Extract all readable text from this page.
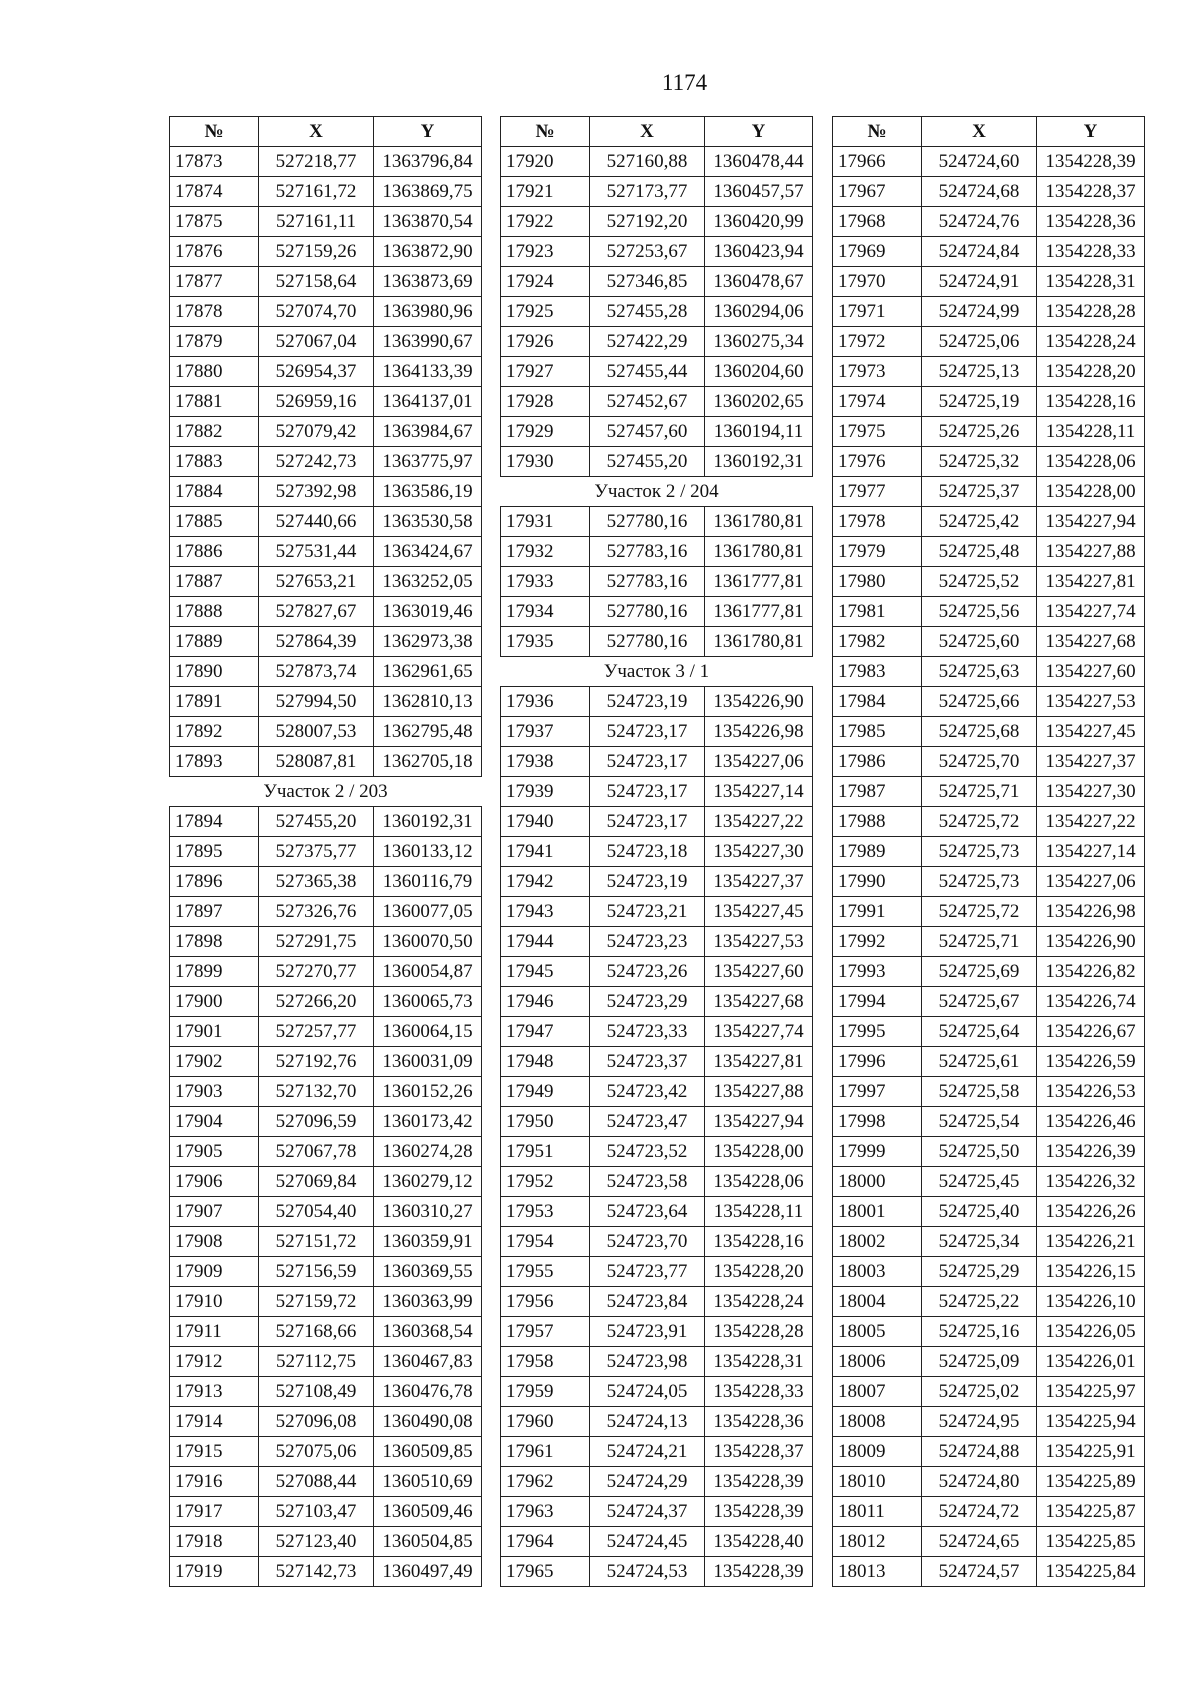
1174
№	X	Y
17873	527218,77	1363796,84
17874	527161,72	1363869,75
17875	527161,11	1363870,54
17876	527159,26	1363872,90
17877	527158,64	1363873,69
17878	527074,70	1363980,96
17879	527067,04	1363990,67
17880	526954,37	1364133,39
17881	526959,16	1364137,01
17882	527079,42	1363984,67
17883	527242,73	1363775,97
17884	527392,98	1363586,19
17885	527440,66	1363530,58
17886	527531,44	1363424,67
17887	527653,21	1363252,05
17888	527827,67	1363019,46
17889	527864,39	1362973,38
17890	527873,74	1362961,65
17891	527994,50	1362810,13
17892	528007,53	1362795,48
17893	528087,81	1362705,18
Участок 2 / 203		
17894	527455,20	1360192,31
17895	527375,77	1360133,12
17896	527365,38	1360116,79
17897	527326,76	1360077,05
17898	527291,75	1360070,50
17899	527270,77	1360054,87
17900	527266,20	1360065,73
17901	527257,77	1360064,15
17902	527192,76	1360031,09
17903	527132,70	1360152,26
17904	527096,59	1360173,42
17905	527067,78	1360274,28
17906	527069,84	1360279,12
17907	527054,40	1360310,27
17908	527151,72	1360359,91
17909	527156,59	1360369,55
17910	527159,72	1360363,99
17911	527168,66	1360368,54
17912	527112,75	1360467,83
17913	527108,49	1360476,78
17914	527096,08	1360490,08
17915	527075,06	1360509,85
17916	527088,44	1360510,69
17917	527103,47	1360509,46
17918	527123,40	1360504,85
17919	527142,73	1360497,49
№	X	Y
17920	527160,88	1360478,44
17921	527173,77	1360457,57
17922	527192,20	1360420,99
17923	527253,67	1360423,94
17924	527346,85	1360478,67
17925	527455,28	1360294,06
17926	527422,29	1360275,34
17927	527455,44	1360204,60
17928	527452,67	1360202,65
17929	527457,60	1360194,11
17930	527455,20	1360192,31
Участок 2 / 204		
17931	527780,16	1361780,81
17932	527783,16	1361780,81
17933	527783,16	1361777,81
17934	527780,16	1361777,81
17935	527780,16	1361780,81
Участок 3 / 1		
17936	524723,19	1354226,90
17937	524723,17	1354226,98
17938	524723,17	1354227,06
17939	524723,17	1354227,14
17940	524723,17	1354227,22
17941	524723,18	1354227,30
17942	524723,19	1354227,37
17943	524723,21	1354227,45
17944	524723,23	1354227,53
17945	524723,26	1354227,60
17946	524723,29	1354227,68
17947	524723,33	1354227,74
17948	524723,37	1354227,81
17949	524723,42	1354227,88
17950	524723,47	1354227,94
17951	524723,52	1354228,00
17952	524723,58	1354228,06
17953	524723,64	1354228,11
17954	524723,70	1354228,16
17955	524723,77	1354228,20
17956	524723,84	1354228,24
17957	524723,91	1354228,28
17958	524723,98	1354228,31
17959	524724,05	1354228,33
17960	524724,13	1354228,36
17961	524724,21	1354228,37
17962	524724,29	1354228,39
17963	524724,37	1354228,39
17964	524724,45	1354228,40
17965	524724,53	1354228,39
№	X	Y
17966	524724,60	1354228,39
17967	524724,68	1354228,37
17968	524724,76	1354228,36
17969	524724,84	1354228,33
17970	524724,91	1354228,31
17971	524724,99	1354228,28
17972	524725,06	1354228,24
17973	524725,13	1354228,20
17974	524725,19	1354228,16
17975	524725,26	1354228,11
17976	524725,32	1354228,06
17977	524725,37	1354228,00
17978	524725,42	1354227,94
17979	524725,48	1354227,88
17980	524725,52	1354227,81
17981	524725,56	1354227,74
17982	524725,60	1354227,68
17983	524725,63	1354227,60
17984	524725,66	1354227,53
17985	524725,68	1354227,45
17986	524725,70	1354227,37
17987	524725,71	1354227,30
17988	524725,72	1354227,22
17989	524725,73	1354227,14
17990	524725,73	1354227,06
17991	524725,72	1354226,98
17992	524725,71	1354226,90
17993	524725,69	1354226,82
17994	524725,67	1354226,74
17995	524725,64	1354226,67
17996	524725,61	1354226,59
17997	524725,58	1354226,53
17998	524725,54	1354226,46
17999	524725,50	1354226,39
18000	524725,45	1354226,32
18001	524725,40	1354226,26
18002	524725,34	1354226,21
18003	524725,29	1354226,15
18004	524725,22	1354226,10
18005	524725,16	1354226,05
18006	524725,09	1354226,01
18007	524725,02	1354225,97
18008	524724,95	1354225,94
18009	524724,88	1354225,91
18010	524724,80	1354225,89
18011	524724,72	1354225,87
18012	524724,65	1354225,85
18013	524724,57	1354225,84
